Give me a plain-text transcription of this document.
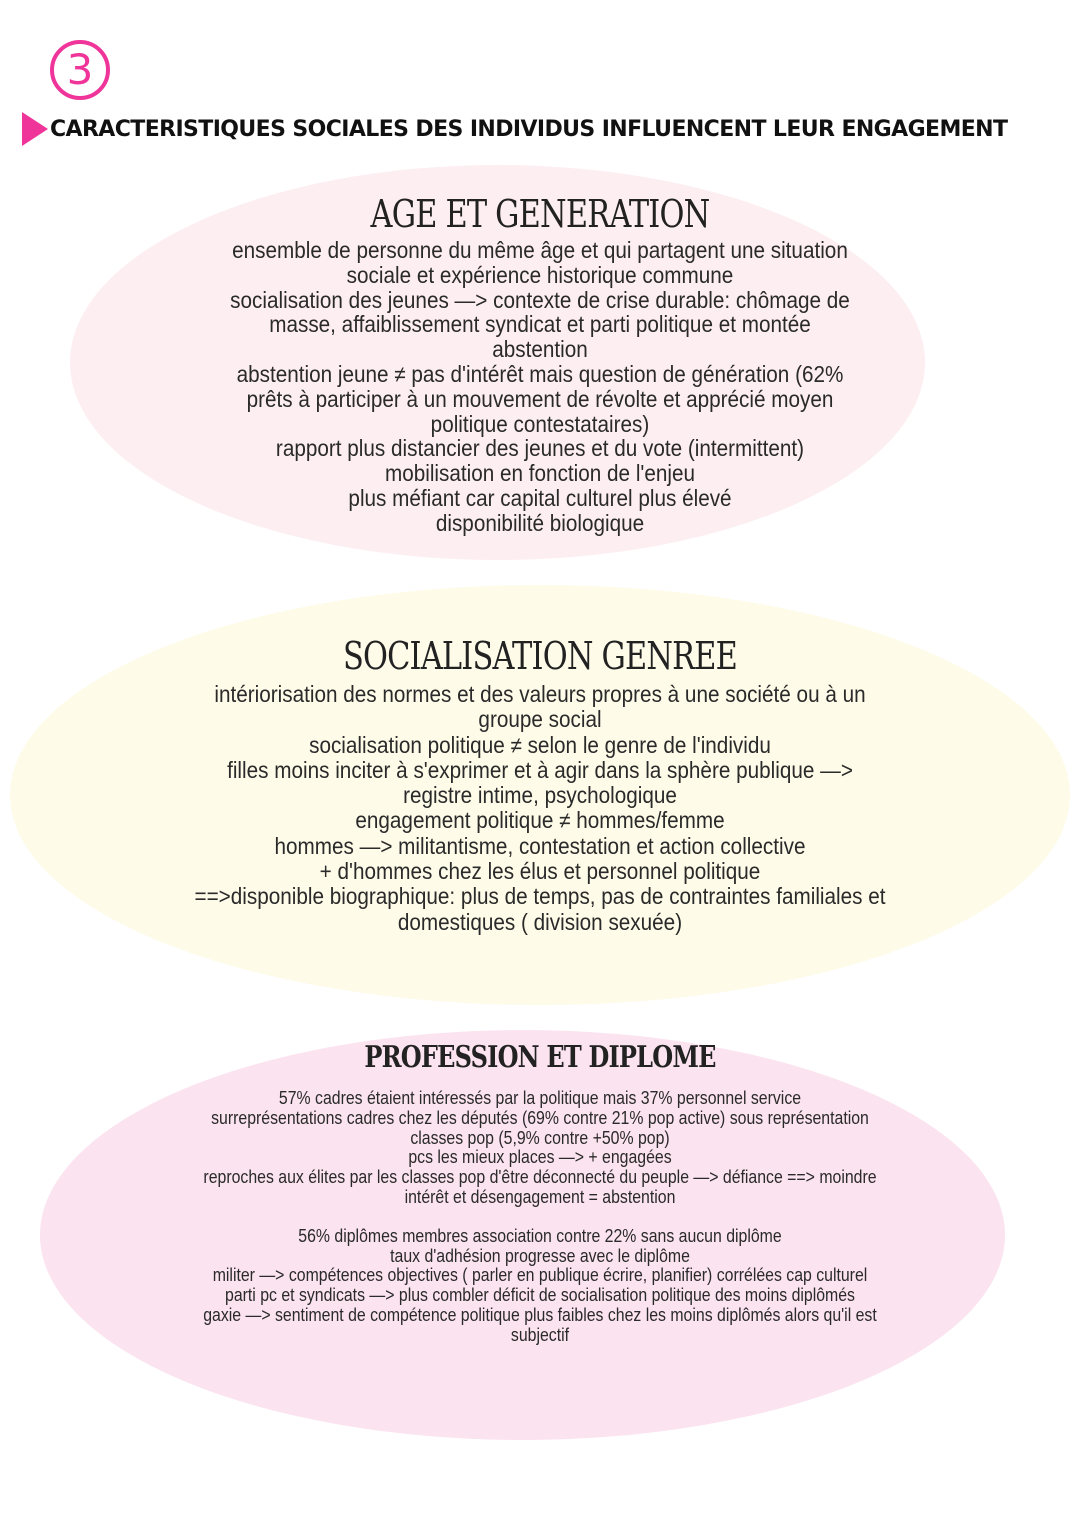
3
CARACTERISTIQUES SOCIALES DES INDIVIDUS INFLUENCENT LEUR ENGAGEMENT
AGE ET GENERATION
ensemble de personne du même âge et qui partagent une situation
sociale et expérience historique commune
socialisation des jeunes —> contexte de crise durable: chômage de
masse, affaiblissement syndicat et parti politique et montée
abstention
abstention jeune ≠ pas d'intérêt mais question de génération (62%
prêts à participer à un mouvement de révolte et apprécié moyen
politique contestataires)
rapport plus distancier des jeunes et du vote (intermittent)
mobilisation en fonction de l'enjeu
plus méfiant car capital culturel plus élevé
disponibilité biologique
SOCIALISATION GENREE
intériorisation des normes et des valeurs propres à une société ou à un
groupe social
socialisation politique ≠ selon le genre de l'individu
filles moins inciter à s'exprimer et à agir dans la sphère publique —>
registre intime, psychologique
engagement politique ≠ hommes/femme
hommes —> militantisme, contestation et action collective
+ d'hommes chez les élus et personnel politique
==>disponible biographique: plus de temps, pas de contraintes familiales et
domestiques ( division sexuée)
PROFESSION ET DIPLOME
57% cadres étaient intéressés par la politique mais 37% personnel service
surreprésentations cadres chez les députés (69% contre 21% pop active) sous représentation
classes pop (5,9% contre +50% pop)
pcs les mieux places —> + engagées
reproches aux élites par les classes pop d'être déconnecté du peuple —> défiance ==> moindre
intérêt et désengagement = abstention
56% diplômes membres association contre 22% sans aucun diplôme
taux d'adhésion progresse avec le diplôme
militer —> compétences objectives ( parler en publique écrire, planifier) corrélées cap culturel
parti pc et syndicats —> plus combler déficit de socialisation politique des moins diplômés
gaxie —> sentiment de compétence politique plus faibles chez les moins diplômés alors qu'il est
subjectif
